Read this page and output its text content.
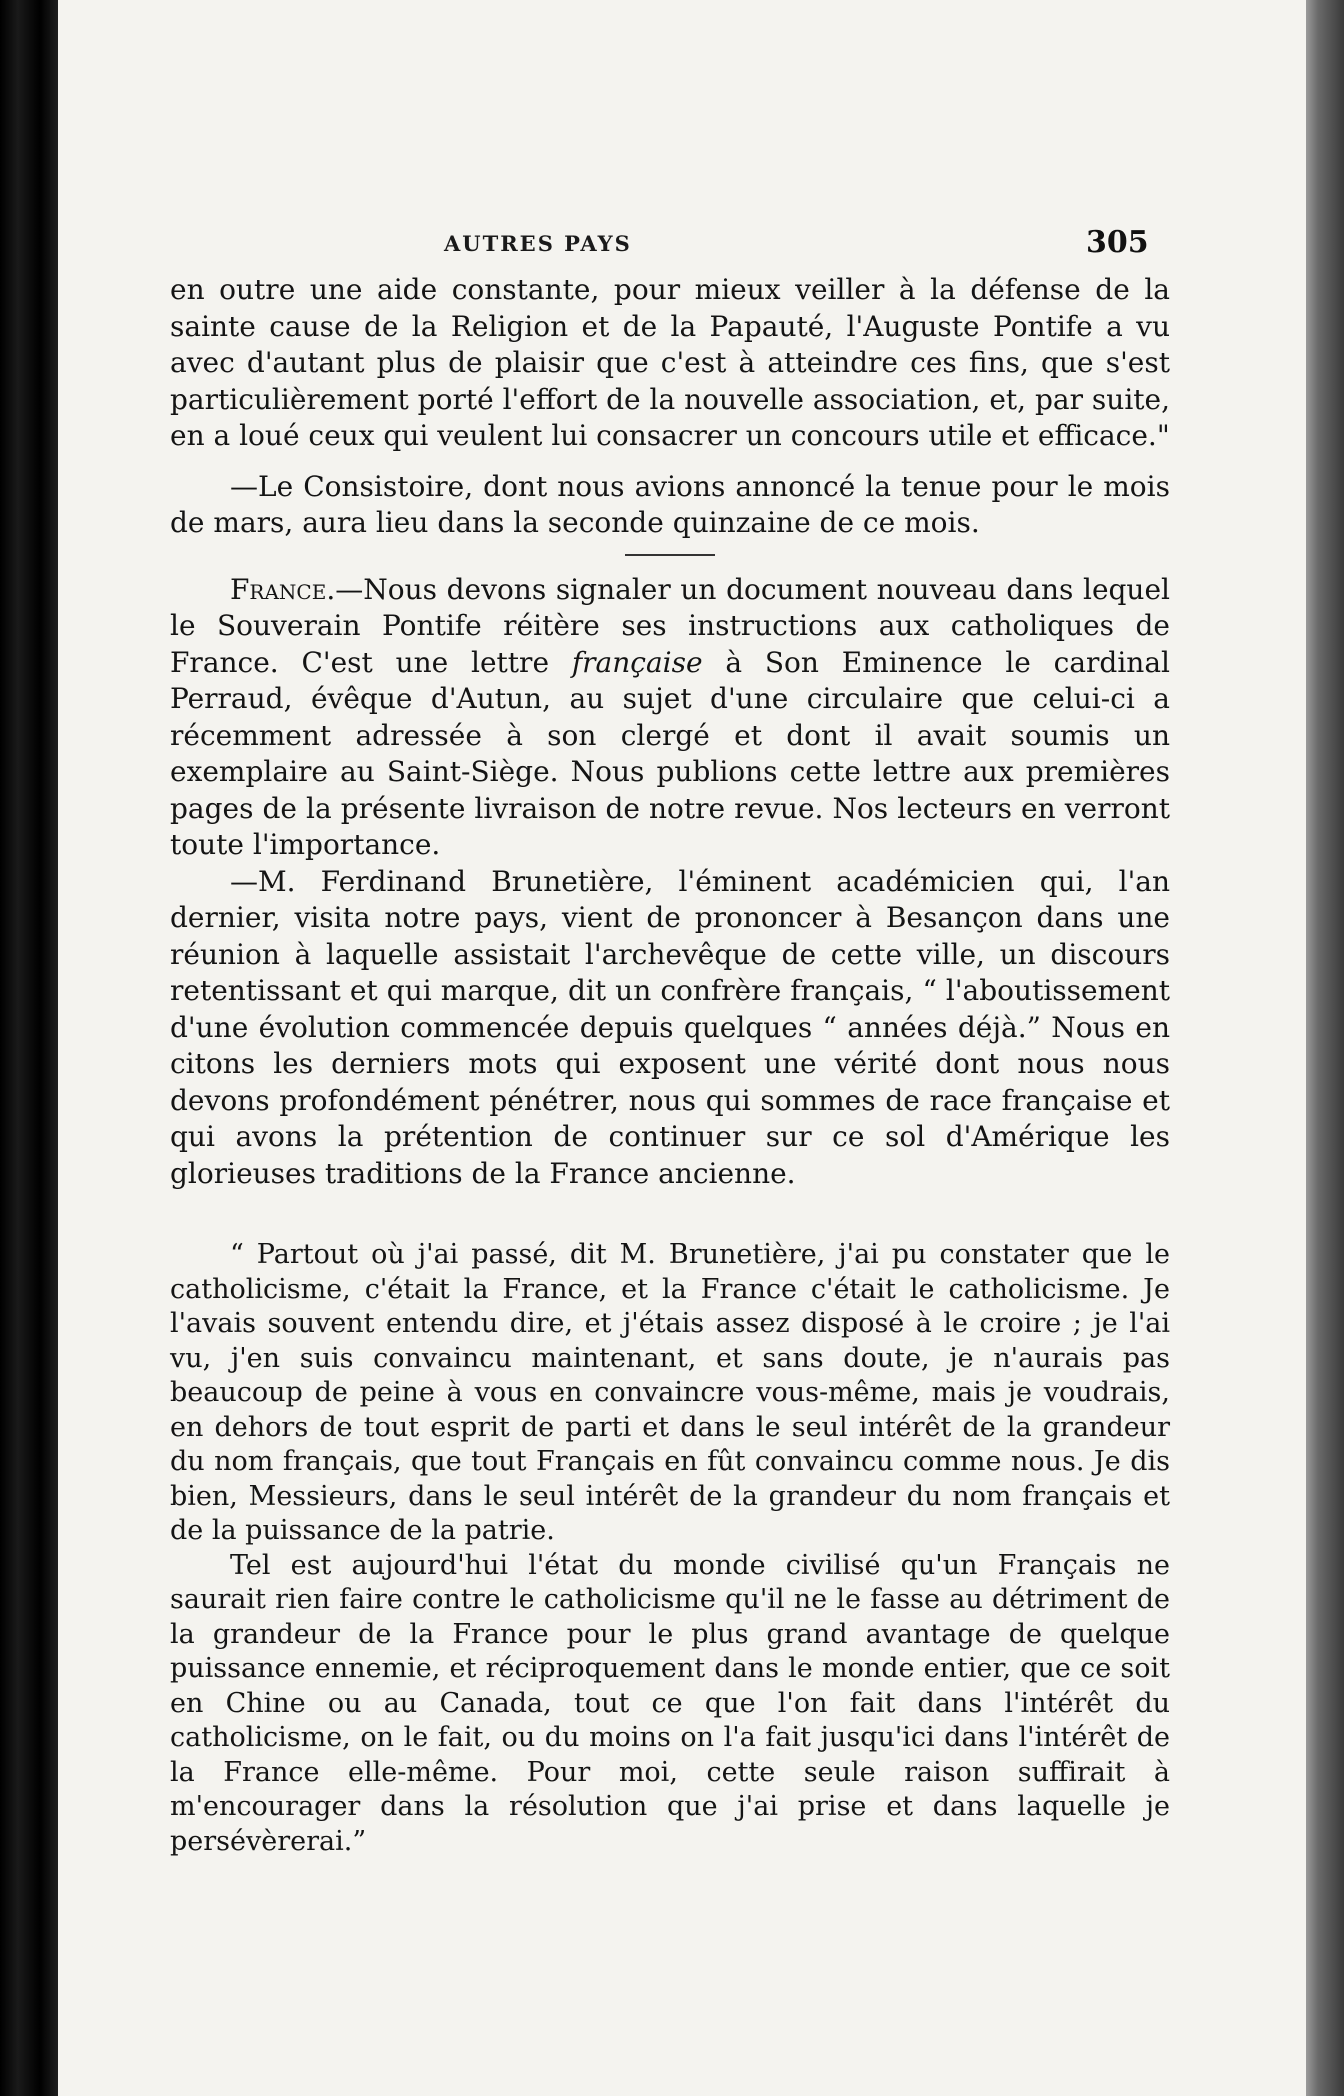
AUTRES PAYS	305

en outre une aide constante, pour mieux veiller à la défense de la sainte cause de la Religion et de la Papauté, l'Auguste Pontife a vu avec d'autant plus de plaisir que c'est à atteindre ces fins, que s'est particulièrement porté l'effort de la nouvelle association, et, par suite, en a loué ceux qui veulent lui consacrer un concours utile et efficace."

—Le Consistoire, dont nous avions annoncé la tenue pour le mois de mars, aura lieu dans la seconde quinzaine de ce mois.

France.—Nous devons signaler un document nouveau dans lequel le Souverain Pontife réitère ses instructions aux catholiques de France. C'est une lettre française à Son Eminence le cardinal Perraud, évêque d'Autun, au sujet d'une circulaire que celui-ci a récemment adressée à son clergé et dont il avait soumis un exemplaire au Saint-Siège. Nous publions cette lettre aux premières pages de la présente livraison de notre revue. Nos lecteurs en verront toute l'importance.

—M. Ferdinand Brunetière, l'éminent académicien qui, l'an dernier, visita notre pays, vient de prononcer à Besançon dans une réunion à laquelle assistait l'archevêque de cette ville, un discours retentissant et qui marque, dit un confrère français, “ l'aboutissement d'une évolution commencée depuis quelques “ années déjà.” Nous en citons les derniers mots qui exposent une vérité dont nous nous devons profondément pénétrer, nous qui sommes de race française et qui avons la prétention de continuer sur ce sol d'Amérique les glorieuses traditions de la France ancienne.

“ Partout où j'ai passé, dit M. Brunetière, j'ai pu constater que le catholicisme, c'était la France, et la France c'était le catholicisme. Je l'avais souvent entendu dire, et j'étais assez disposé à le croire ; je l'ai vu, j'en suis convaincu maintenant, et sans doute, je n'aurais pas beaucoup de peine à vous en convaincre vous-même, mais je voudrais, en dehors de tout esprit de parti et dans le seul intérêt de la grandeur du nom français, que tout Français en fût convaincu comme nous. Je dis bien, Messieurs, dans le seul intérêt de la grandeur du nom français et de la puissance de la patrie.

Tel est aujourd'hui l'état du monde civilisé qu'un Français ne saurait rien faire contre le catholicisme qu'il ne le fasse au détriment de la grandeur de la France pour le plus grand avantage de quelque puissance ennemie, et réciproquement dans le monde entier, que ce soit en Chine ou au Canada, tout ce que l'on fait dans l'intérêt du catholicisme, on le fait, ou du moins on l'a fait jusqu'ici dans l'intérêt de la France elle-même. Pour moi, cette seule raison suffirait à m'encourager dans la résolution que j'ai prise et dans laquelle je persévèrerai.”
